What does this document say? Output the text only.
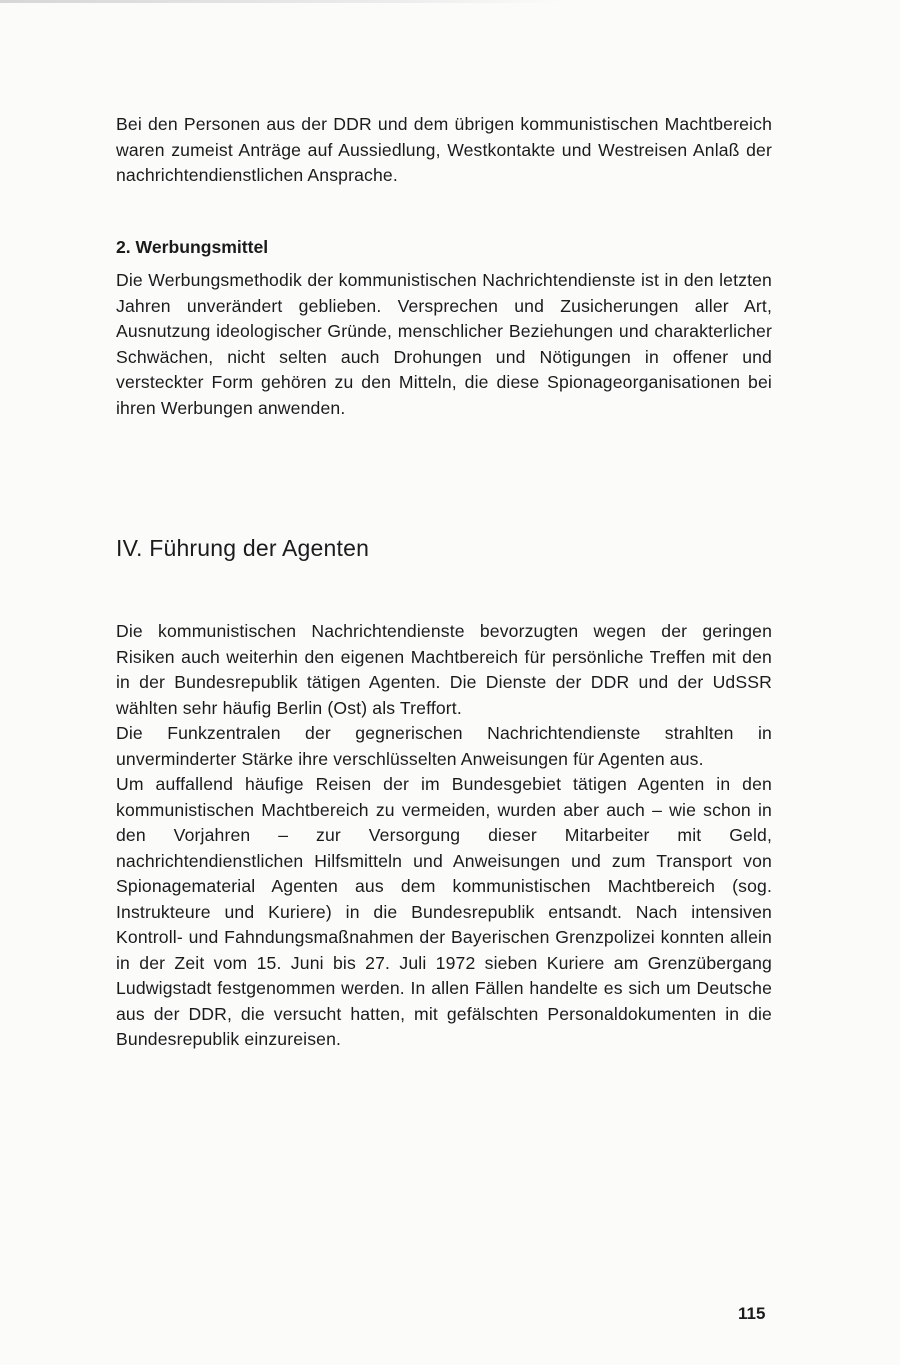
Bei den Personen aus der DDR und dem übrigen kommunistischen Machtbereich waren zumeist Anträge auf Aussiedlung, Westkontakte und Westreisen Anlaß der nachrichtendienstlichen Ansprache.

2. Werbungsmittel

Die Werbungsmethodik der kommunistischen Nachrichtendienste ist in den letzten Jahren unverändert geblieben. Versprechen und Zusicherungen aller Art, Ausnutzung ideologischer Gründe, menschlicher Beziehungen und charakterlicher Schwächen, nicht selten auch Drohungen und Nötigungen in offener und versteckter Form gehören zu den Mitteln, die diese Spionageorganisationen bei ihren Werbungen anwenden.

IV. Führung der Agenten

Die kommunistischen Nachrichtendienste bevorzugten wegen der geringen Risiken auch weiterhin den eigenen Machtbereich für persönliche Treffen mit den in der Bundesrepublik tätigen Agenten. Die Dienste der DDR und der UdSSR wählten sehr häufig Berlin (Ost) als Treffort.

Die Funkzentralen der gegnerischen Nachrichtendienste strahlten in unverminderter Stärke ihre verschlüsselten Anweisungen für Agenten aus.

Um auffallend häufige Reisen der im Bundesgebiet tätigen Agenten in den kommunistischen Machtbereich zu vermeiden, wurden aber auch – wie schon in den Vorjahren – zur Versorgung dieser Mitarbeiter mit Geld, nachrichtendienstlichen Hilfsmitteln und Anweisungen und zum Transport von Spionagematerial Agenten aus dem kommunistischen Machtbereich (sog. Instrukteure und Kuriere) in die Bundesrepublik entsandt. Nach intensiven Kontroll- und Fahndungsmaßnahmen der Bayerischen Grenzpolizei konnten allein in der Zeit vom 15. Juni bis 27. Juli 1972 sieben Kuriere am Grenzübergang Ludwigstadt festgenommen werden. In allen Fällen handelte es sich um Deutsche aus der DDR, die versucht hatten, mit gefälschten Personaldokumenten in die Bundesrepublik einzureisen.

115
